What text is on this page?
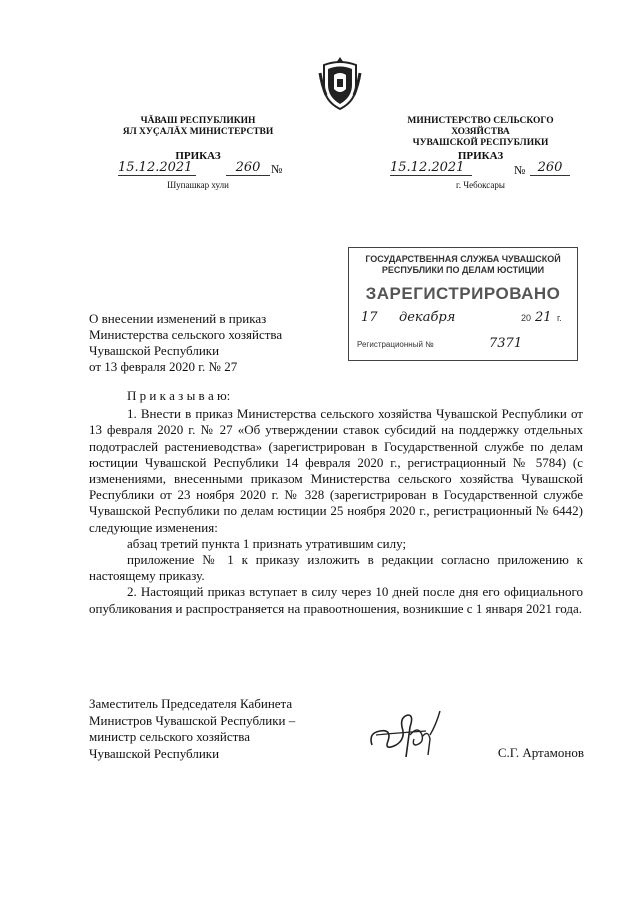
ЧĂВАШ РЕСПУБЛИКИН
ЯЛ ХУÇАЛĂХ МИНИСТЕРСТВИ
ПРИКАЗ
15.12.2021	260 №
Шупашкар хули
МИНИСТЕРСТВО СЕЛЬСКОГО ХОЗЯЙСТВА
ЧУВАШСКОЙ РЕСПУБЛИКИ
ПРИКАЗ
15.12.2021	№ 260
г. Чебоксары
ГОСУДАРСТВЕННАЯ СЛУЖБА ЧУВАШСКОЙ
РЕСПУБЛИКИ ПО ДЕЛАМ ЮСТИЦИИ
ЗАРЕГИСТРИРОВАНО
17 декабря	20 21 г.
Регистрационный №	7371
О внесении изменений в приказ
Министерства сельского хозяйства
Чувашской Республики
от 13 февраля 2020 г. № 27

П р и к а з ы в а ю:

1. Внести в приказ Министерства сельского хозяйства Чувашской Республики от 13 февраля 2020 г. № 27 «Об утверждении ставок субсидий на поддержку отдельных подотраслей растениеводства» (зарегистрирован в Государственной службе по делам юстиции Чувашской Республики 14 февраля 2020 г., регистрационный № 5784) (с изменениями, внесенными приказом Министерства сельского хозяйства Чувашской Республики от 23 ноября 2020 г. № 328 (зарегистрирован в Государственной службе Чувашской Республики по делам юстиции 25 ноября 2020 г., регистрационный № 6442) следующие изменения:

абзац третий пункта 1 признать утратившим силу;

приложение № 1 к приказу изложить в редакции согласно приложению к настоящему приказу.

2. Настоящий приказ вступает в силу через 10 дней после дня его официального опубликования и распространяется на правоотношения, возникшие с 1 января 2021 года.

Заместитель Председателя Кабинета
Министров Чувашской Республики –
министр сельского хозяйства
Чувашской Республики	С.Г. Артамонов
